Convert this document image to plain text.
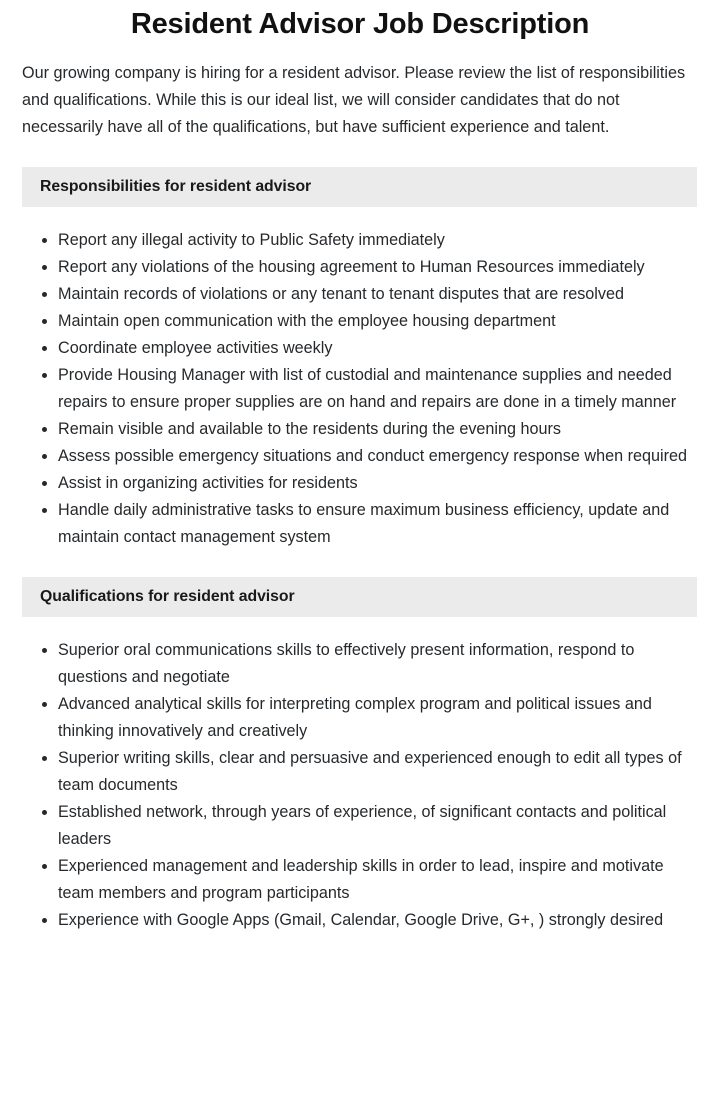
Resident Advisor Job Description

Our growing company is hiring for a resident advisor. Please review the list of responsibilities and qualifications. While this is our ideal list, we will consider candidates that do not necessarily have all of the qualifications, but have sufficient experience and talent.

Responsibilities for resident advisor
Report any illegal activity to Public Safety immediately
Report any violations of the housing agreement to Human Resources immediately
Maintain records of violations or any tenant to tenant disputes that are resolved
Maintain open communication with the employee housing department
Coordinate employee activities weekly
Provide Housing Manager with list of custodial and maintenance supplies and needed repairs to ensure proper supplies are on hand and repairs are done in a timely manner
Remain visible and available to the residents during the evening hours
Assess possible emergency situations and conduct emergency response when required
Assist in organizing activities for residents
Handle daily administrative tasks to ensure maximum business efficiency, update and maintain contact management system
Qualifications for resident advisor
Superior oral communications skills to effectively present information, respond to questions and negotiate
Advanced analytical skills for interpreting complex program and political issues and thinking innovatively and creatively
Superior writing skills, clear and persuasive and experienced enough to edit all types of team documents
Established network, through years of experience, of significant contacts and political leaders
Experienced management and leadership skills in order to lead, inspire and motivate team members and program participants
Experience with Google Apps (Gmail, Calendar, Google Drive, G+, ) strongly desired
